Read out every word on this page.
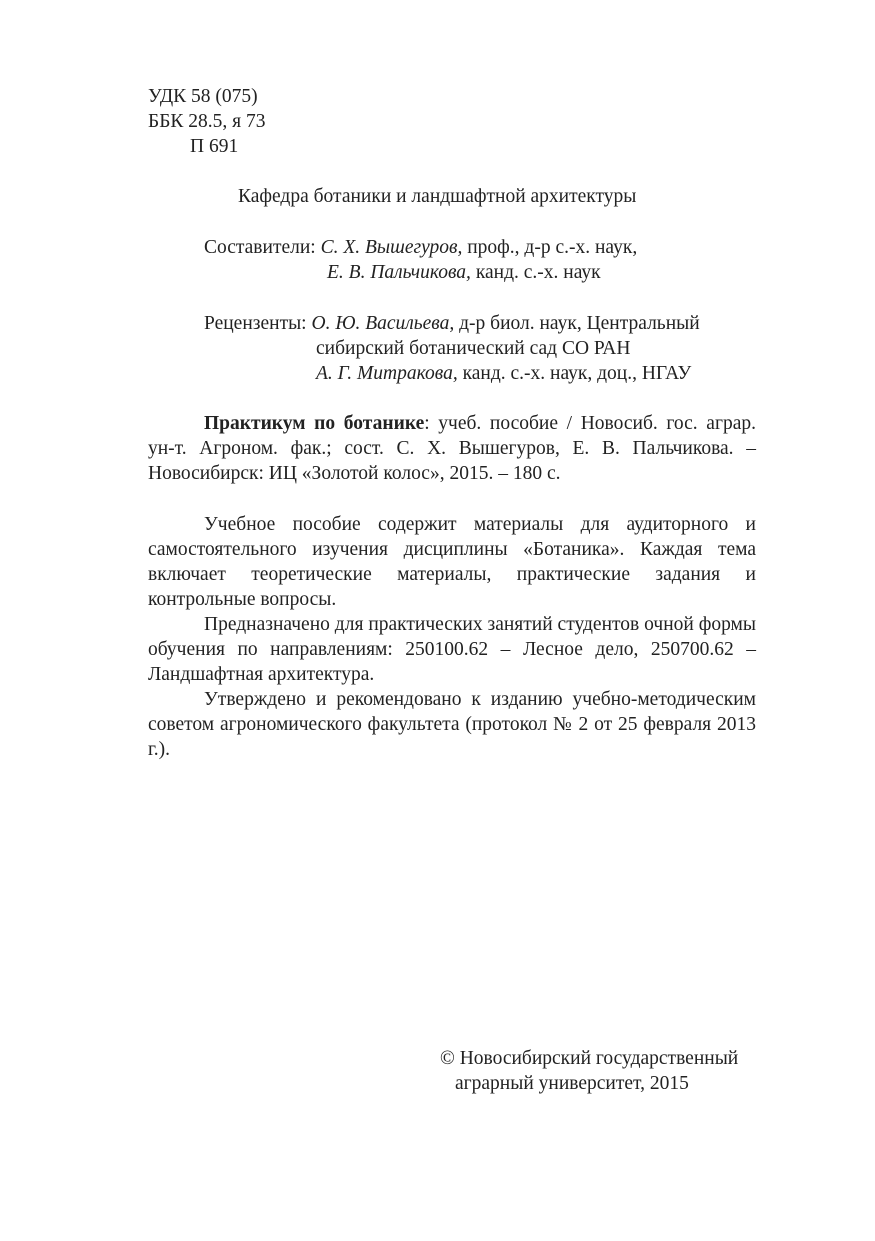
УДК 58 (075)
ББК 28.5, я 73
П 691
Кафедра ботаники и ландшафтной архитектуры
Составители: С. Х. Вышегуров, проф., д-р с.-х. наук,
Е. В. Пальчикова, канд. с.-х. наук
Рецензенты: О. Ю. Васильева, д-р биол. наук, Центральный
сибирский ботанический сад СО РАН
А. Г. Митракова, канд. с.-х. наук, доц., НГАУ

Практикум по ботанике: учеб. пособие / Новосиб. гос. аграр. ун-т. Агроном. фак.; сост. С. Х. Вышегуров, Е. В. Пальчикова. – Новосибирск: ИЦ «Золотой колос», 2015. – 180 с.

Учебное пособие содержит материалы для аудиторного и самостоятельного изучения дисциплины «Ботаника». Каждая тема включает теоретические материалы, практические задания и контрольные вопросы.

Предназначено для практических занятий студентов очной формы обучения по направлениям: 250100.62 – Лесное дело, 250700.62 – Ландшафтная архитектура.

Утверждено и рекомендовано к изданию учебно-методическим советом агрономического факультета (протокол № 2 от 25 февраля 2013 г.).

© Новосибирский государственный
аграрный университет, 2015
